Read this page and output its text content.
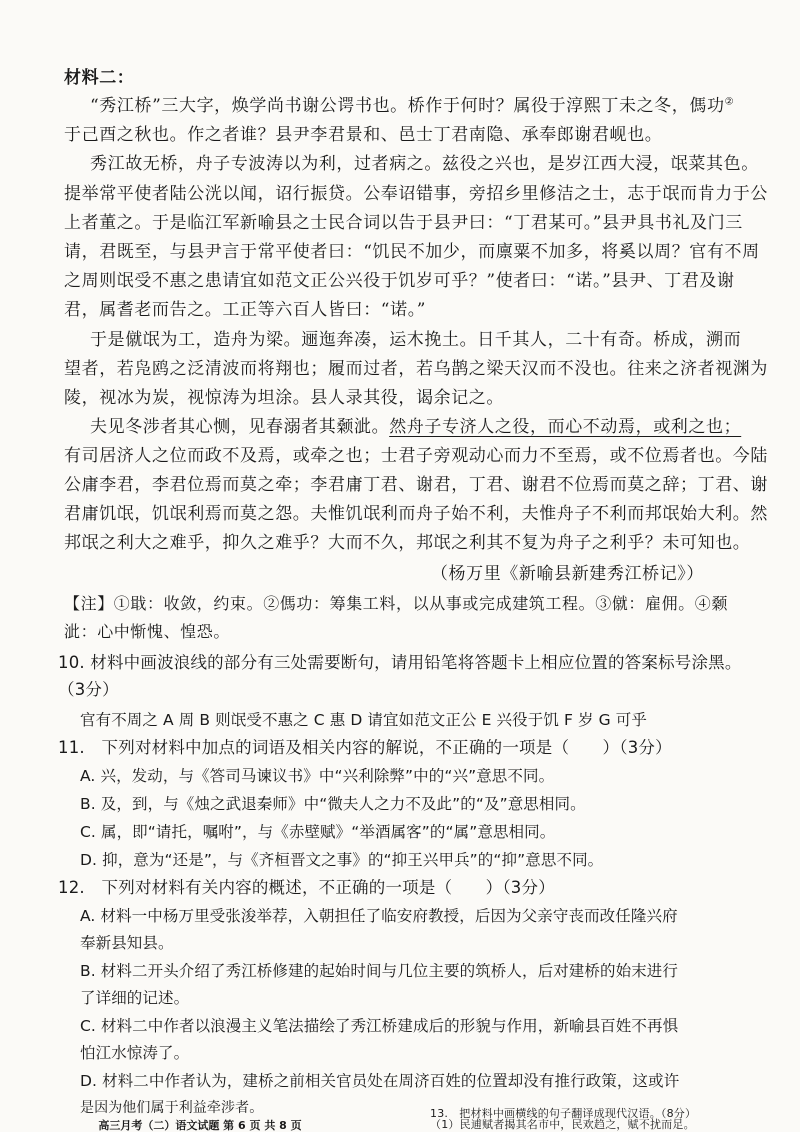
材料二：

“秀江桥”三大字，焕学尚书谢公谔书也。桥作于何时？属役于淳熙丁未之冬，傌功②

于己酉之秋也。作之者谁？县尹李君景和、邑士丁君南隐、承奉郎谢君岘也。

秀江故无桥，舟子专波涛以为利，过者病之。兹役之兴也，是岁江西大浸，氓菜其色。

提举常平使者陆公洸以闻，诏行振贷。公奉诏错事，旁招乡里修洁之士，志于氓而肯力于公

上者董之。于是临江军新喻县之士民合词以告于县尹曰：“丁君某可。”县尹具书礼及门三

请，君既至，与县尹言于常平使者曰：“饥民不加少，而廪粟不加多，将奚以周？官有不周

之周则氓受不惠之患请宜如范文正公兴役于饥岁可乎？”使者曰：“诺。”县尹、丁君及谢

君，属耆老而告之。工正等六百人皆曰：“诺。”

于是僦氓为工，造舟为梁。逦迤奔凑，运木挽土。日千其人，二十有奇。桥成，溯而

望者，若凫鸥之泛清波而将翔也；履而过者，若乌鹊之梁天汉而不没也。往来之济者视渊为

陵，视冰为炭，视惊涛为坦涂。县人录其役，谒余记之。

夫见冬涉者其心恻，见春溺者其颡泚。然舟子专济人之役，而心不动焉，或利之也；

有司居济人之位而政不及焉，或牵之也；士君子旁观动心而力不至焉，或不位焉者也。今陆

公庸李君，李君位焉而莫之牵；李君庸丁君、谢君，丁君、谢君不位焉而莫之辞；丁君、谢

君庸饥氓，饥氓利焉而莫之怨。夫惟饥氓利而舟子始不利，夫惟舟子不利而邦氓始大利。然

邦氓之利大之难乎，抑久之难乎？大而不久，邦氓之利其不复为舟子之利乎？未可知也。

（杨万里《新喻县新建秀江桥记》）

【注】①戢：收敛，约束。②傌功：筹集工料，以从事或完成建筑工程。③僦：雇佣。④颡

泚：心中惭愧、惶恐。

10. 材料中画波浪线的部分有三处需要断句，请用铅笔将答题卡上相应位置的答案标号涂黑。

（3分）

官有不周之 A 周 B 则氓受不惠之 C 惠 D 请宜如范文正公 E 兴役于饥 F 岁 G 可乎

11.　下列对材料中加点的词语及相关内容的解说，不正确的一项是（　　）（3分）

A. 兴，发动，与《答司马谏议书》中“兴利除弊”中的“兴”意思不同。

B. 及，到，与《烛之武退秦师》中“微夫人之力不及此”的“及”意思相同。

C. 属，即“请托，嘱咐”，与《赤壁赋》“举酒属客”的“属”意思相同。

D. 抑，意为“还是”，与《齐桓晋文之事》的“抑王兴甲兵”的“抑”意思不同。

12.　下列对材料有关内容的概述，不正确的一项是（　　）（3分）

A. 材料一中杨万里受张浚举荐，入朝担任了临安府教授，后因为父亲守丧而改任隆兴府

奉新县知县。

B. 材料二开头介绍了秀江桥修建的起始时间与几位主要的筑桥人，后对建桥的始末进行

了详细的记述。

C. 材料二中作者以浪漫主义笔法描绘了秀江桥建成后的形貌与作用，新喻县百姓不再惧

怕江水惊涛了。

D. 材料二中作者认为，建桥之前相关官员处在周济百姓的位置却没有推行政策，这或许

是因为他们属于利益牵涉者。	13.　把材料中画横线的句子翻译成现代汉语。（8分）

（1）民逋赋者揭其名市中，民欢趋之，赋不扰而足。

高三月考（二）语文试题 第 6 页 共 8 页
